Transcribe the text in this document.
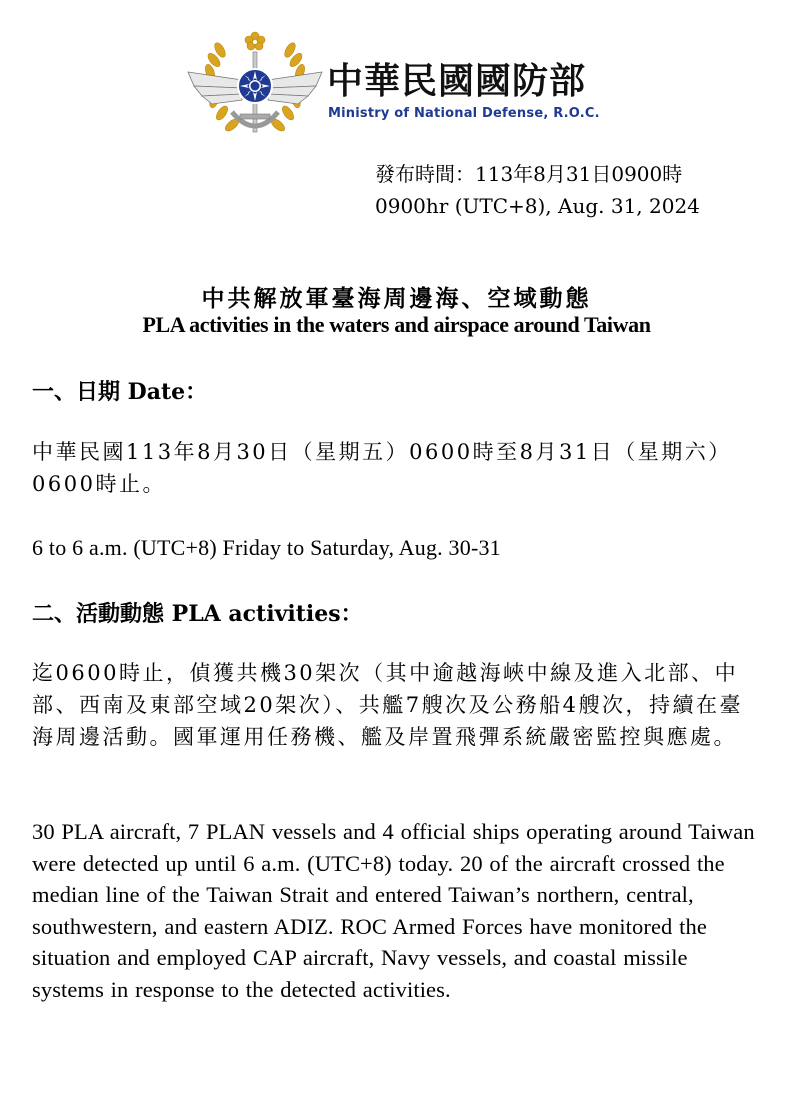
中華民國國防部
Ministry of National Defense, R.O.C.
發布時間：113年8月31日0900時
0900hr (UTC+8), Aug. 31, 2024
中共解放軍臺海周邊海、空域動態
PLA activities in the waters and airspace around Taiwan
一、日期 Date：
中華民國113年8月30日（星期五）0600時至8月31日（星期六）0600時止。
6 to 6 a.m. (UTC+8) Friday to Saturday, Aug. 30-31
二、活動動態 PLA activities：
迄0600時止，偵獲共機30架次（其中逾越海峽中線及進入北部、中部、西南及東部空域20架次）、共艦7艘次及公務船4艘次，持續在臺海周邊活動。國軍運用任務機、艦及岸置飛彈系統嚴密監控與應處。
30 PLA aircraft, 7 PLAN vessels and 4 official ships operating around Taiwan were detected up until 6 a.m. (UTC+8) today. 20 of the aircraft crossed the median line of the Taiwan Strait and entered Taiwan’s northern, central, southwestern, and eastern ADIZ. ROC Armed Forces have monitored the situation and employed CAP aircraft, Navy vessels, and coastal missile systems in response to the detected activities.
